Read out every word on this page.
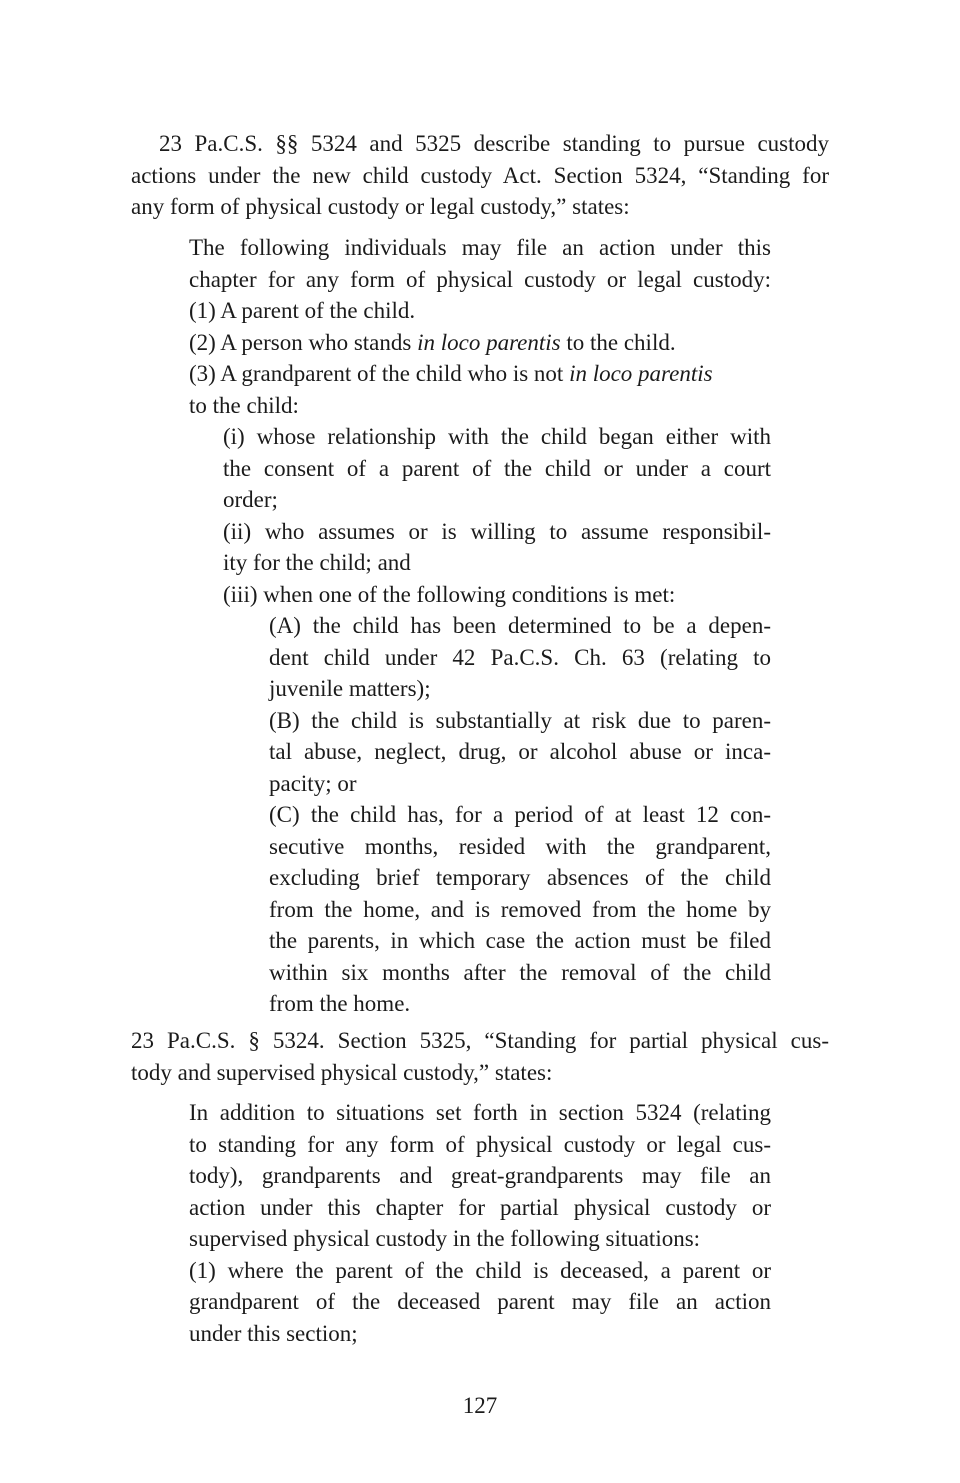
23 Pa.C.S. §§ 5324 and 5325 describe standing to pursue custody
actions under the new child custody Act. Section 5324, “Standing for
any form of physical custody or legal custody,” states:
The following individuals may file an action under this
chapter for any form of physical custody or legal custody:
(1) A parent of the child.
(2) A person who stands in loco parentis to the child.
(3) A grandparent of the child who is not in loco parentis
to the child:
(i) whose relationship with the child began either with
the consent of a parent of the child or under a court
order;
(ii) who assumes or is willing to assume responsibil-
ity for the child; and
(iii) when one of the following conditions is met:
(A) the child has been determined to be a depen-
dent child under 42 Pa.C.S. Ch. 63 (relating to
juvenile matters);
(B) the child is substantially at risk due to paren-
tal abuse, neglect, drug, or alcohol abuse or inca-
pacity; or
(C) the child has, for a period of at least 12 con-
secutive months, resided with the grandparent,
excluding brief temporary absences of the child
from the home, and is removed from the home by
the parents, in which case the action must be filed
within six months after the removal of the child
from the home.
23 Pa.C.S. § 5324. Section 5325, “Standing for partial physical cus-
tody and supervised physical custody,” states:
In addition to situations set forth in section 5324 (relating
to standing for any form of physical custody or legal cus-
tody), grandparents and great-grandparents may file an
action under this chapter for partial physical custody or
supervised physical custody in the following situations:
(1) where the parent of the child is deceased, a parent or
grandparent of the deceased parent may file an action
under this section;
127
